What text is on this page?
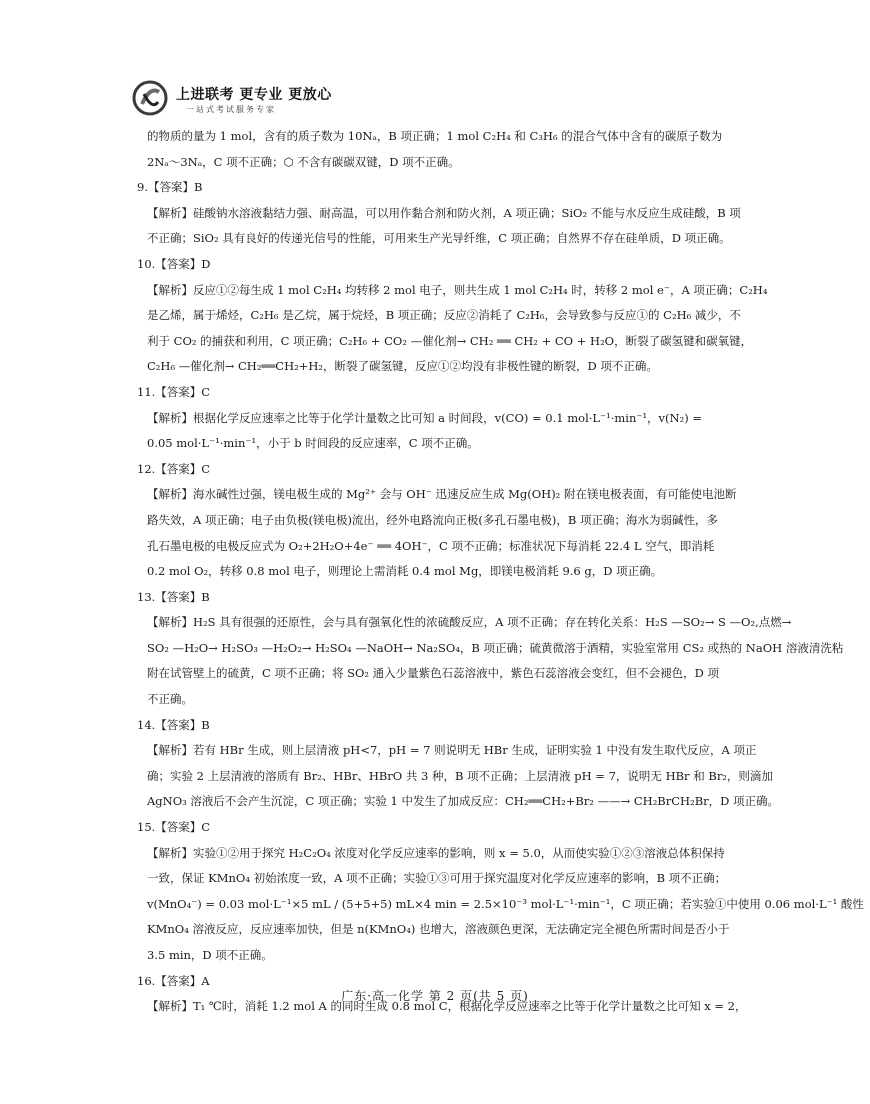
上进联考 更专业 更放心
一站式考试服务专家
的物质的量为 1 mol，含有的质子数为 10Nₐ，B 项正确；1 mol C₂H₄ 和 C₃H₆ 的混合气体中含有的碳原子数为
2Nₐ～3Nₐ，C 项不正确；⬡ 不含有碳碳双键，D 项不正确。
9.【答案】B
【解析】硅酸钠水溶液黏结力强、耐高温，可以用作黏合剂和防火剂，A 项正确；SiO₂ 不能与水反应生成硅酸，B 项
不正确；SiO₂ 具有良好的传递光信号的性能，可用来生产光导纤维，C 项正确；自然界不存在硅单质，D 项正确。
10.【答案】D
【解析】反应①②每生成 1 mol C₂H₄ 均转移 2 mol 电子，则共生成 1 mol C₂H₄ 时，转移 2 mol e⁻，A 项正确；C₂H₄
是乙烯，属于烯烃，C₂H₆ 是乙烷，属于烷烃，B 项正确；反应②消耗了 C₂H₆，会导致参与反应①的 C₂H₆ 减少，不
利于 CO₂ 的捕获和利用，C 项正确；C₂H₆ + CO₂ —催化剂→ CH₂ ══ CH₂ + CO + H₂O，断裂了碳氢键和碳氧键，
C₂H₆ —催化剂→ CH₂══CH₂+H₂，断裂了碳氢键，反应①②均没有非极性键的断裂，D 项不正确。
11.【答案】C
【解析】根据化学反应速率之比等于化学计量数之比可知 a 时间段，v(CO) = 0.1 mol·L⁻¹·min⁻¹，v(N₂) =
0.05 mol·L⁻¹·min⁻¹，小于 b 时间段的反应速率，C 项不正确。
12.【答案】C
【解析】海水碱性过强，镁电极生成的 Mg²⁺ 会与 OH⁻ 迅速反应生成 Mg(OH)₂ 附在镁电极表面，有可能使电池断
路失效，A 项正确；电子由负极(镁电极)流出，经外电路流向正极(多孔石墨电极)，B 项正确；海水为弱碱性，多
孔石墨电极的电极反应式为 O₂+2H₂O+4e⁻ ══ 4OH⁻，C 项不正确；标准状况下每消耗 22.4 L 空气，即消耗
0.2 mol O₂，转移 0.8 mol 电子，则理论上需消耗 0.4 mol Mg，即镁电极消耗 9.6 g，D 项正确。
13.【答案】B
【解析】H₂S 具有很强的还原性，会与具有强氧化性的浓硫酸反应，A 项不正确；存在转化关系：H₂S —SO₂→ S —O₂,点燃→
SO₂ —H₂O→ H₂SO₃ —H₂O₂→ H₂SO₄ —NaOH→ Na₂SO₄，B 项正确；硫黄微溶于酒精，实验室常用 CS₂ 或热的 NaOH 溶液清洗粘
附在试管壁上的硫黄，C 项不正确；将 SO₂ 通入少量紫色石蕊溶液中，紫色石蕊溶液会变红，但不会褪色，D 项
不正确。
14.【答案】B
【解析】若有 HBr 生成，则上层清液 pH<7，pH = 7 则说明无 HBr 生成，证明实验 1 中没有发生取代反应，A 项正
确；实验 2 上层清液的溶质有 Br₂、HBr、HBrO 共 3 种，B 项不正确；上层清液 pH = 7，说明无 HBr 和 Br₂，则滴加
AgNO₃ 溶液后不会产生沉淀，C 项正确；实验 1 中发生了加成反应：CH₂══CH₂+Br₂ ——→ CH₂BrCH₂Br，D 项正确。
15.【答案】C
【解析】实验①②用于探究 H₂C₂O₄ 浓度对化学反应速率的影响，则 x = 5.0，从而使实验①②③溶液总体积保持
一致，保证 KMnO₄ 初始浓度一致，A 项不正确；实验①③可用于探究温度对化学反应速率的影响，B 项不正确；
v(MnO₄⁻) = 0.03 mol·L⁻¹×5 mL / (5+5+5) mL×4 min = 2.5×10⁻³ mol·L⁻¹·min⁻¹，C 项正确；若实验①中使用 0.06 mol·L⁻¹ 酸性
KMnO₄ 溶液反应，反应速率加快，但是 n(KMnO₄) 也增大，溶液颜色更深，无法确定完全褪色所需时间是否小于
3.5 min，D 项不正确。
16.【答案】A
【解析】T₁ ℃时，消耗 1.2 mol A 的同时生成 0.8 mol C，根据化学反应速率之比等于化学计量数之比可知 x = 2，
广东·高一化学 第 2 页(共 5 页)
